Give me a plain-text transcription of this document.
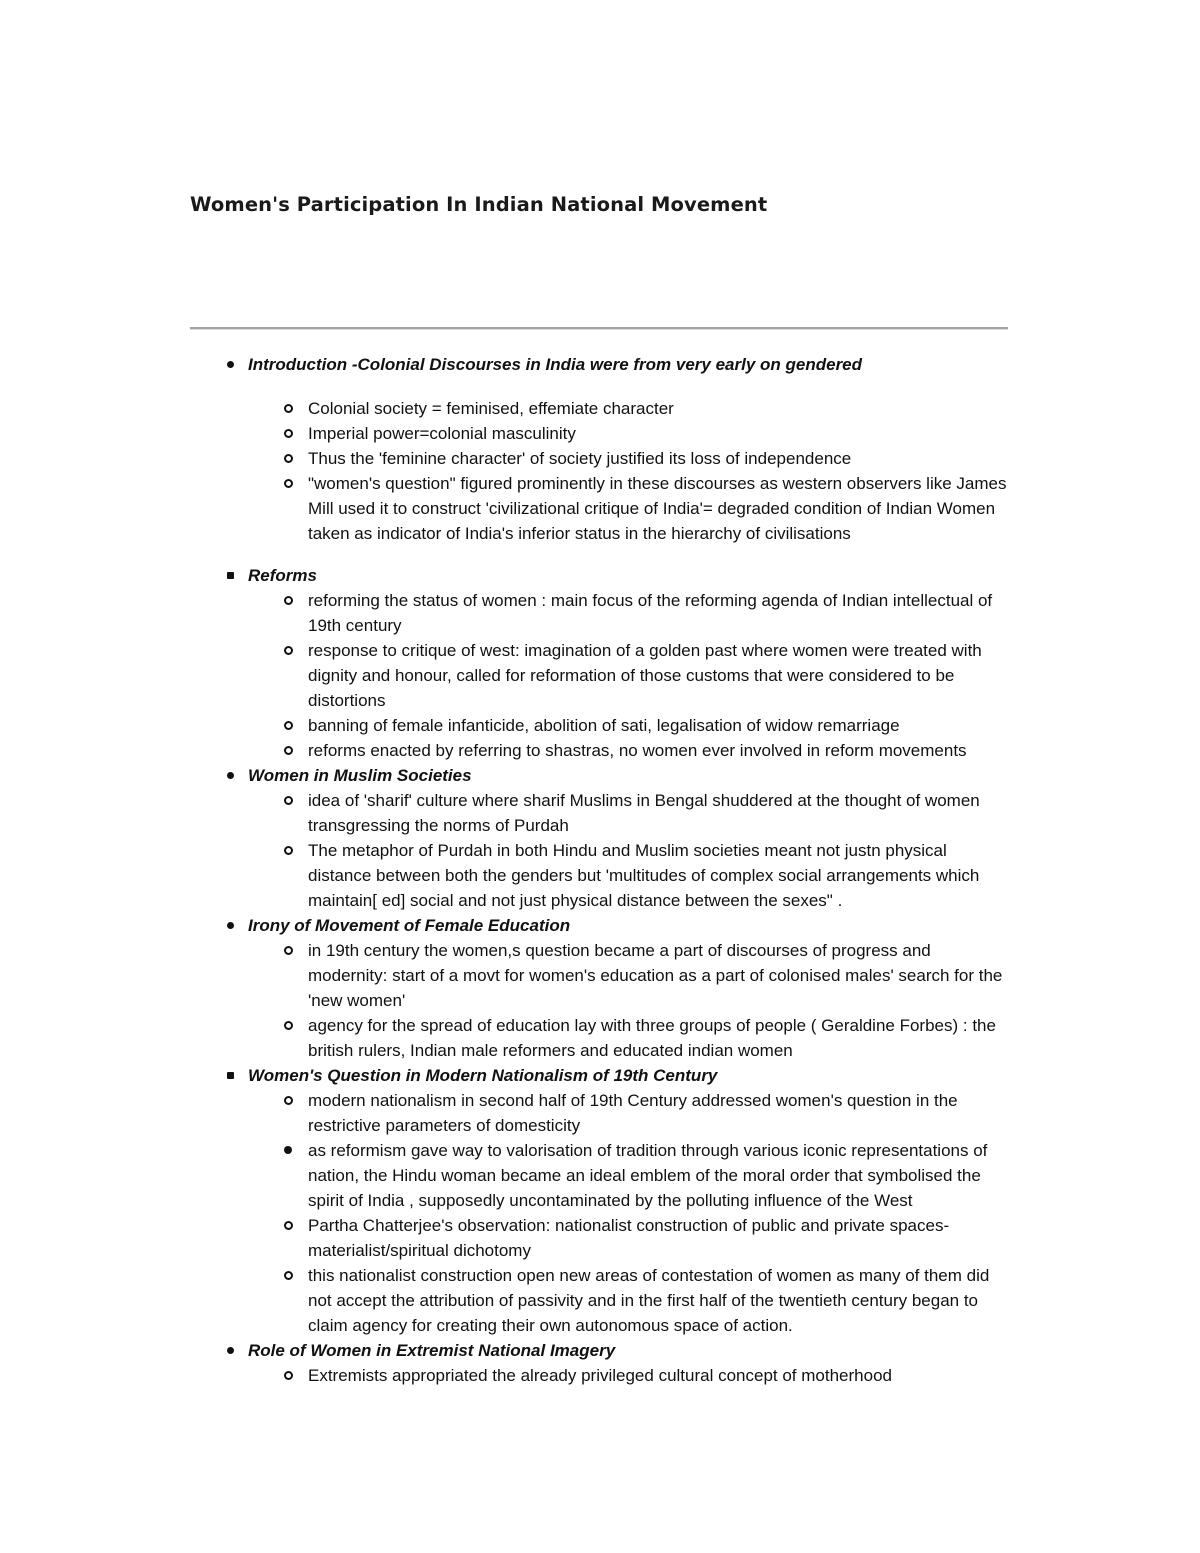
Women's Participation In Indian National Movement
Introduction -Colonial Discourses in India were from very early on gendered
Colonial society = feminised, effemiate character
Imperial power=colonial masculinity
Thus the 'feminine character' of society justified its loss of independence
"women's question" figured prominently in these discourses as western observers like James Mill used it to construct 'civilizational critique of India'= degraded condition of Indian Women taken as indicator of India's inferior status in the hierarchy of civilisations
Reforms
reforming the status of women : main focus of the reforming agenda of Indian intellectual of 19th century
response to critique of west: imagination of a golden past where women were treated with dignity and honour, called for reformation of those customs that were considered to be distortions
banning of female infanticide, abolition of sati, legalisation of widow remarriage
reforms enacted by referring to shastras, no women ever involved in reform movements
Women in Muslim Societies
idea of 'sharif' culture where sharif Muslims in Bengal shuddered at the thought of women transgressing the norms of Purdah
The metaphor of Purdah in both Hindu and Muslim societies meant not justn physical distance between both the genders but 'multitudes of complex social arrangements which maintain[ ed] social and not just physical distance between the sexes" .
Irony of Movement of Female Education
in 19th century the women,s question became a part of discourses of progress and modernity: start of a movt for women's education as a part of colonised males' search for the 'new women'
agency for the spread of education lay with three groups of people ( Geraldine Forbes) : the british rulers, Indian male reformers and educated indian women
Women's Question in Modern Nationalism of 19th Century
modern nationalism in second half of 19th Century addressed women's question in the restrictive parameters of domesticity
as reformism gave way to valorisation of tradition through various iconic representations of nation, the Hindu woman became an ideal emblem of the moral order that symbolised the spirit of India , supposedly uncontaminated by the polluting influence of the West
Partha Chatterjee's observation: nationalist construction of public and private spaces- materialist/spiritual dichotomy
this nationalist construction open new areas of contestation of women as many of them did not accept the attribution of passivity and in the first half of the twentieth century began to claim agency for creating their own autonomous space of action.
Role of Women in Extremist National Imagery
Extremists appropriated the already privileged cultural concept of motherhood
